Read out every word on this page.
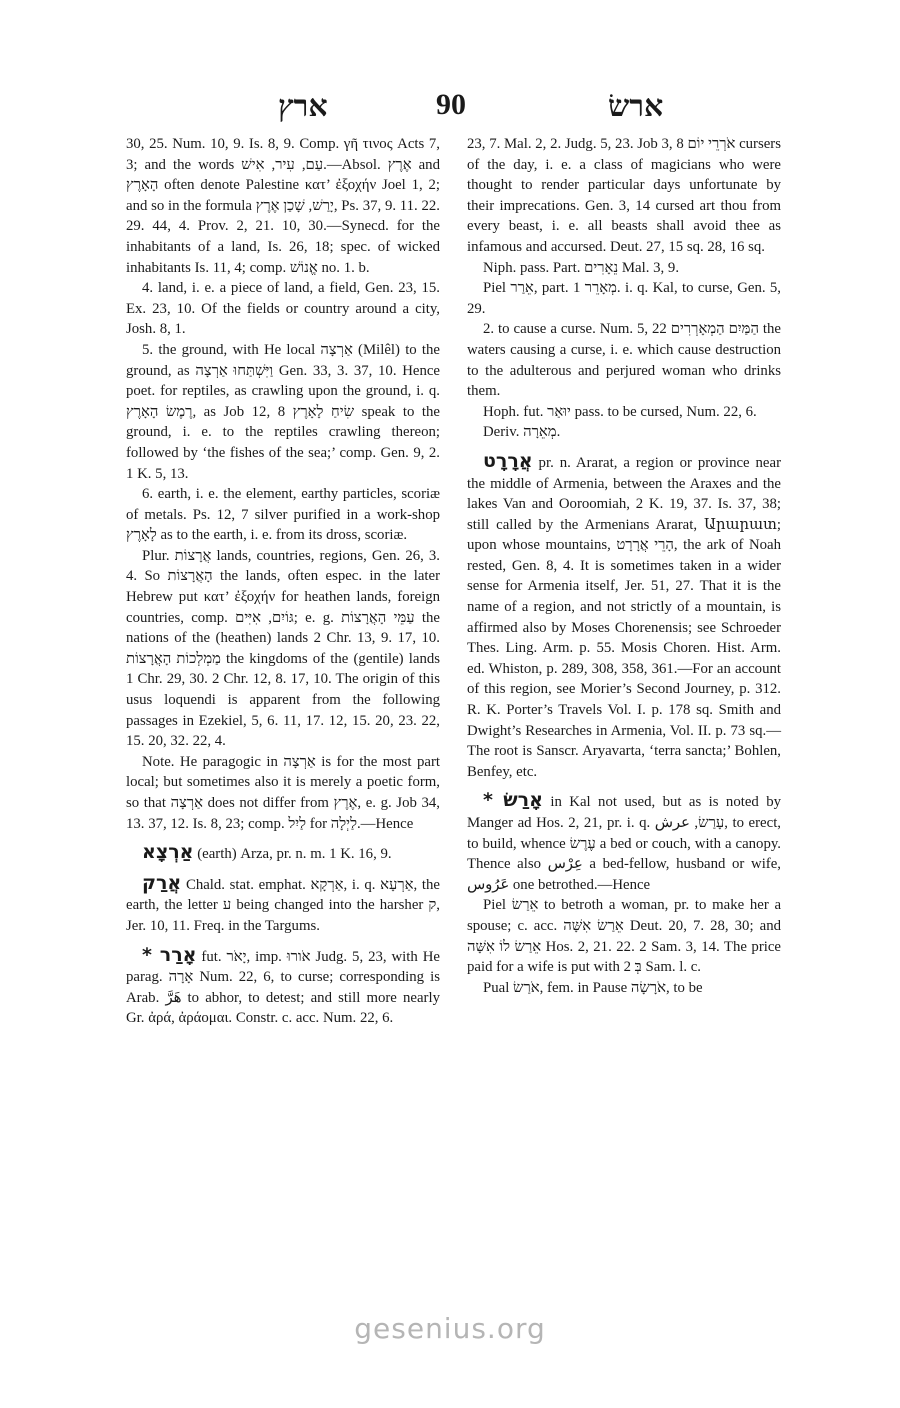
ארץ	90	ארשׂ

30, 25. Num. 10, 9. Is. 8, 9. Comp. γῆ τινος Acts 7, 3; and the words עַם, עִיר, אִישׁ.—Absol. אֶרֶץ and הָאָרֶץ often denote Palestine κατ’ ἐξοχήν Joel 1, 2; and so in the formula יָרַשׁ, שָׁכַן אֶרֶץ, Ps. 37, 9. 11. 22. 29. 44, 4. Prov. 2, 21. 10, 30.—Synecd. for the inhabitants of a land, Is. 26, 18; spec. of wicked inhabitants Is. 11, 4; comp. אֱנוֹשׁ no. 1. b.

4. land, i. e. a piece of land, a field, Gen. 23, 15. Ex. 23, 10. Of the fields or country around a city, Josh. 8, 1.

5. the ground, with He local אַרְצָה (Milêl) to the ground, as וַיִּשְׁתַּחוּ אַרְצָה Gen. 33, 3. 37, 10. Hence poet. for reptiles, as crawling upon the ground, i. q. רֶמֶשׂ הָאָרֶץ, as Job 12, 8 שִׂיחַ לָאָרֶץ speak to the ground, i. e. to the reptiles crawling thereon; followed by ‘the fishes of the sea;’ comp. Gen. 9, 2. 1 K. 5, 13.

6. earth, i. e. the element, earthy particles, scoriæ of metals. Ps. 12, 7 silver purified in a work-shop לָאָרֶץ as to the earth, i. e. from its dross, scoriæ.

Plur. אֲרָצוֹת lands, countries, regions, Gen. 26, 3. 4. So הָאֲרָצוֹת the lands, often espec. in the later Hebrew put κατ’ ἐξοχήν for heathen lands, foreign countries, comp. גּוֹיִם, אִיִּים; e. g. עַמֵּי הָאֲרָצוֹת the nations of the (heathen) lands 2 Chr. 13, 9. 17, 10. מַמְלְכוֹת הָאֲרָצוֹת the kingdoms of the (gentile) lands 1 Chr. 29, 30. 2 Chr. 12, 8. 17, 10. The origin of this usus loquendi is apparent from the following passages in Ezekiel, 5, 6. 11, 17. 12, 15. 20, 23. 22, 15. 20, 32. 22, 4.

Note. He paragogic in אַרְצָה is for the most part local; but sometimes also it is merely a poetic form, so that אַרְצָה does not differ from אֶרֶץ, e. g. Job 34, 13. 37, 12. Is. 8, 23; comp. לַיִל for לַיְלָה.—Hence

אַרְצָא (earth) Arza, pr. n. m. 1 K. 16, 9.

אֲרַק Chald. stat. emphat. אַרְקָא, i. q. אַרְעָא, the earth, the letter ע being changed into the harsher ק, Jer. 10, 11. Freq. in the Targums.

* אָרַר fut. יָאֹר, imp. אֹורוּ Judg. 5, 23, with He parag. אָרָה Num. 22, 6, to curse; corresponding is Arab. هَرَّ to abhor, to detest; and still more nearly Gr. ἀρά, ἀράομαι. Constr. c. acc. Num. 22, 6.

23, 7. Mal. 2, 2. Judg. 5, 23. Job 3, 8 אֹרְרֵי יוֹם cursers of the day, i. e. a class of magicians who were thought to render particular days unfortunate by their imprecations. Gen. 3, 14 cursed art thou from every beast, i. e. all beasts shall avoid thee as infamous and accursed. Deut. 27, 15 sq. 28, 16 sq.

Niph. pass. Part. נֵאָרִים Mal. 3, 9.

Piel אֵרַר, part. מְאָרֵר 1. i. q. Kal, to curse, Gen. 5, 29.

2. to cause a curse. Num. 5, 22 הַמַּיִם הַמְאָרְרִים the waters causing a curse, i. e. which cause destruction to the adulterous and perjured woman who drinks them.

Hoph. fut. יוּאַר pass. to be cursed, Num. 22, 6.

Deriv. מְאֵרָה.

אֲרָרָט pr. n. Ararat, a region or province near the middle of Armenia, between the Araxes and the lakes Van and Ooroomiah, 2 K. 19, 37. Is. 37, 38; still called by the Armenians Ararat, Արարատ; upon whose mountains, הָרֵי אֲרָרָט, the ark of Noah rested, Gen. 8, 4. It is sometimes taken in a wider sense for Armenia itself, Jer. 51, 27. That it is the name of a region, and not strictly of a mountain, is affirmed also by Moses Chorenensis; see Schroeder Thes. Ling. Arm. p. 55. Mosis Choren. Hist. Arm. ed. Whiston, p. 289, 308, 358, 361.—For an account of this region, see Morier’s Second Journey, p. 312. R. K. Porter’s Travels Vol. I. p. 178 sq. Smith and Dwight’s Researches in Armenia, Vol. II. p. 73 sq.—The root is Sanscr. Aryavarta, ‘terra sancta;’ Bohlen, Benfey, etc.

* אָרַשׂ in Kal not used, but as is noted by Manger ad Hos. 2, 21, pr. i. q. עָרַשׂ, عرش, to erect, to build, whence עֶרֶשׂ a bed or couch, with a canopy. Thence also عِرْس a bed-fellow, husband or wife, عَرُوس one betrothed.—Hence

Piel אֵרַשׂ to betroth a woman, pr. to make her a spouse; c. acc. אֵרַשׂ אִשָּׁה Deut. 20, 7. 28, 30; and אֵרַשׂ לוֹ אִשָּׁה Hos. 2, 21. 22. 2 Sam. 3, 14. The price paid for a wife is put with בְּ 2 Sam. l. c.

Pual אֹרַשׂ, fem. in Pause אֹרָשָׂה, to be

gesenius.org
